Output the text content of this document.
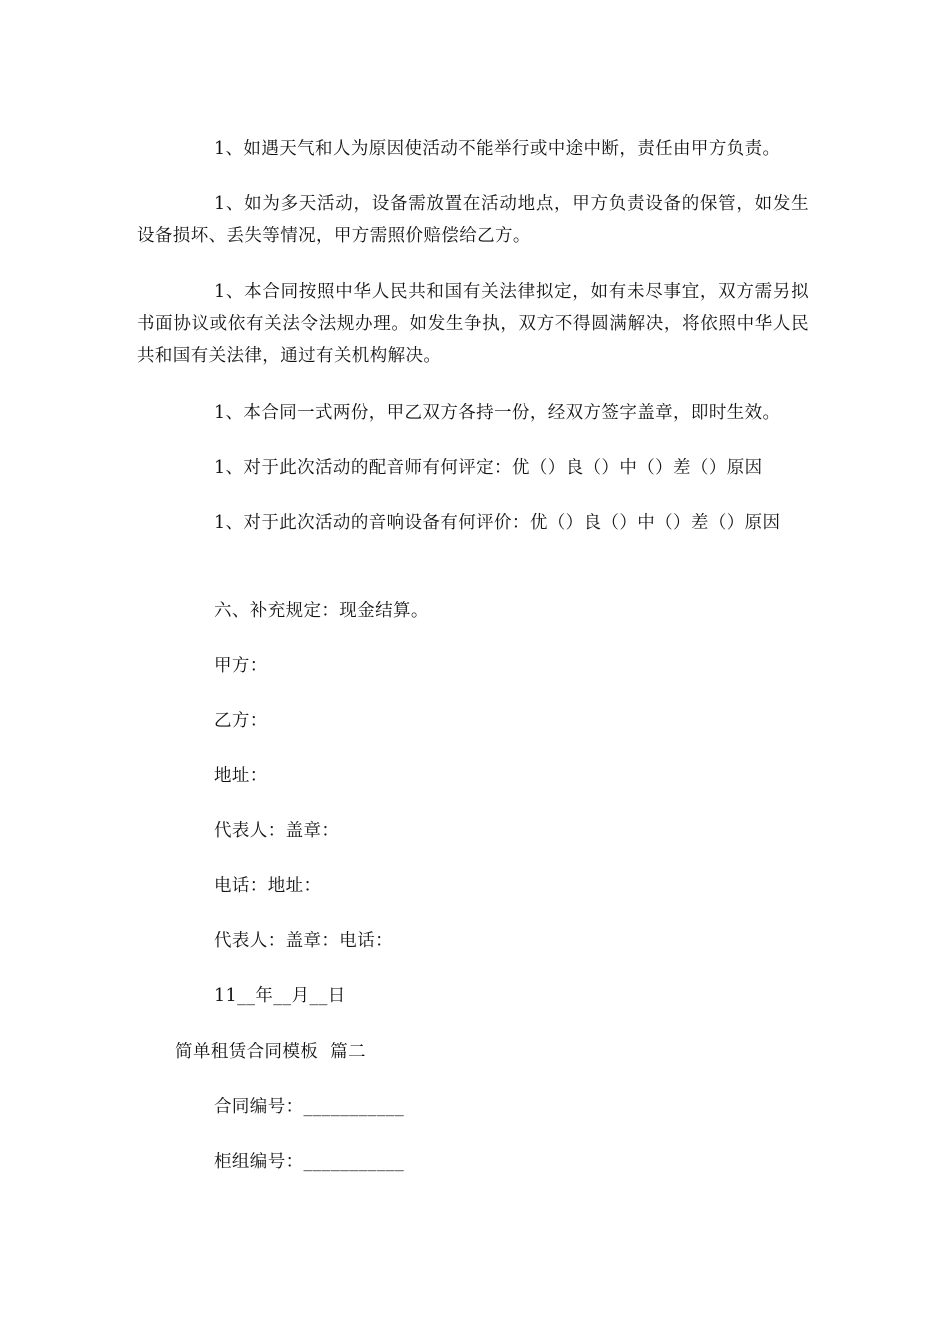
1、如遇天气和人为原因使活动不能举行或中途中断，责任由甲方负责。

1、如为多天活动，设备需放置在活动地点，甲方负责设备的保管，如发生设备损坏、丢失等情况，甲方需照价赔偿给乙方。

1、本合同按照中华人民共和国有关法律拟定，如有未尽事宜，双方需另拟书面协议或依有关法令法规办理。如发生争执，双方不得圆满解决，将依照中华人民共和国有关法律，通过有关机构解决。

1、本合同一式两份，甲乙双方各持一份，经双方签字盖章，即时生效。

1、对于此次活动的配音师有何评定：优（）良（）中（）差（）原因

1、对于此次活动的音响设备有何评价：优（）良（）中（）差（）原因

六、补充规定：现金结算。

甲方：

乙方：

地址：

代表人：盖章：

电话：地址：

代表人：盖章：电话：

11__年__月__日

简单租赁合同模板  篇二

合同编号：___________

柜组编号：___________
